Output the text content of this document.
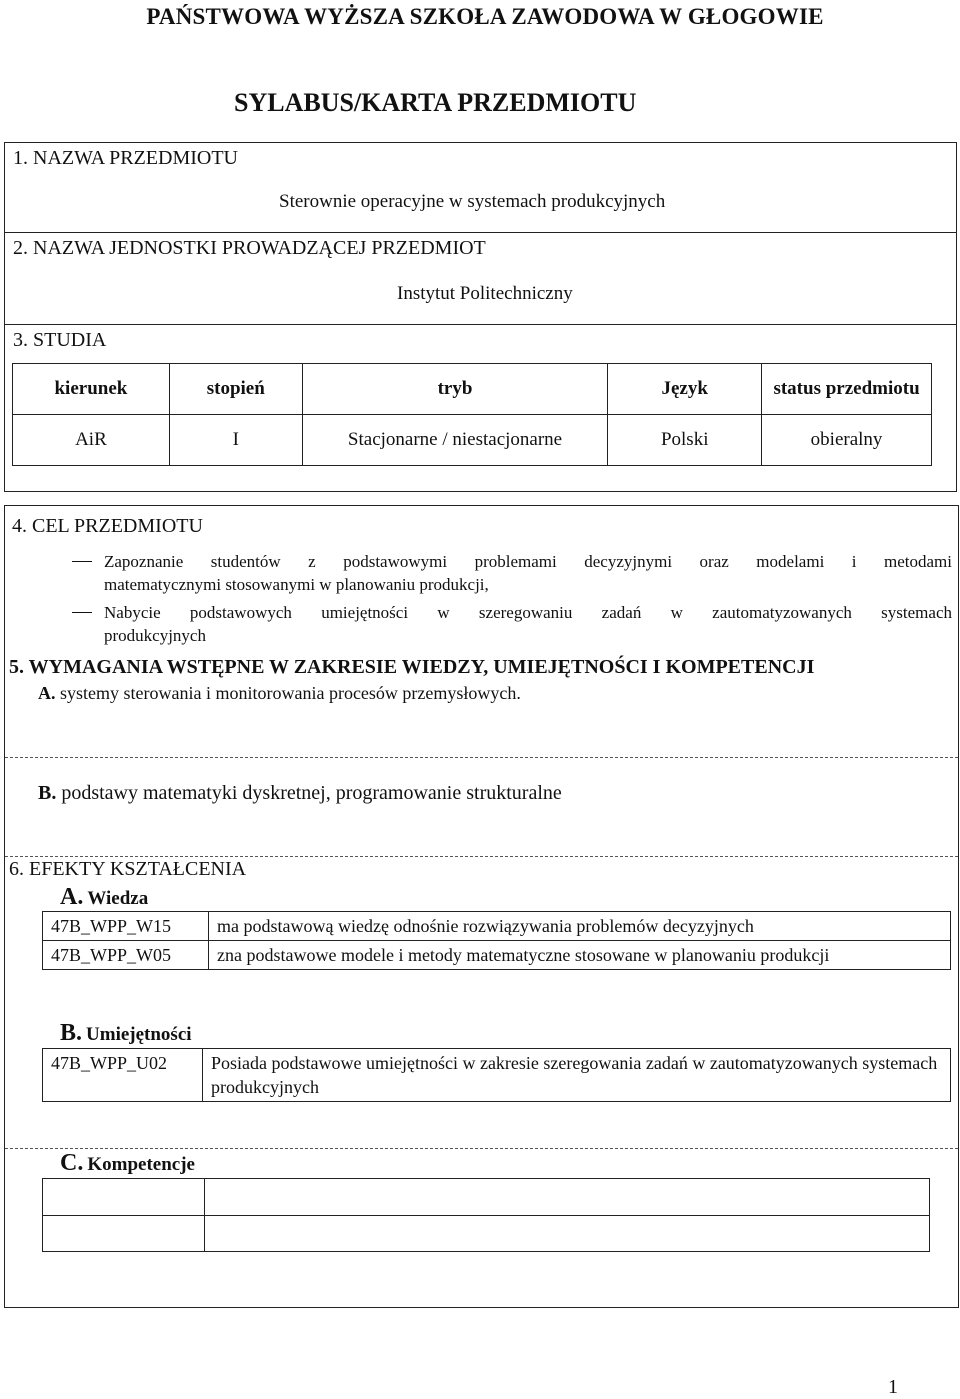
PAŃSTWOWA WYŻSZA SZKOŁA ZAWODOWA W GŁOGOWIE
SYLABUS/KARTA PRZEDMIOTU
1. NAZWA PRZEDMIOTU
Sterownie operacyjne w systemach produkcyjnych
2. NAZWA JEDNOSTKI PROWADZĄCEJ PRZEDMIOT
Instytut Politechniczny
3. STUDIA
kierunek	stopień	tryb	Język	status przedmiotu
AiR	I	Stacjonarne / niestacjonarne	Polski	obieralny
4. CEL PRZEDMIOTU
Zapoznanie studentów z podstawowymi problemami decyzyjnymi oraz modelami i metodami
matematycznymi stosowanymi w planowaniu produkcji,
Nabycie podstawowych umiejętności w szeregowaniu zadań w zautomatyzowanych systemach
produkcyjnych
5. WYMAGANIA WSTĘPNE W ZAKRESIE WIEDZY, UMIEJĘTNOŚCI I KOMPETENCJI
A. systemy sterowania i monitorowania procesów przemysłowych.
B. podstawy matematyki dyskretnej, programowanie strukturalne
6. EFEKTY KSZTAŁCENIA
A. Wiedza
47B_WPP_W15	ma podstawową wiedzę odnośnie rozwiązywania problemów decyzyjnych
47B_WPP_W05	zna podstawowe modele i metody matematyczne stosowane w planowaniu produkcji
B. Umiejętności
47B_WPP_U02	Posiada podstawowe umiejętności w zakresie szeregowania zadań w zautomatyzowanych systemach produkcyjnych
C. Kompetencje

1
